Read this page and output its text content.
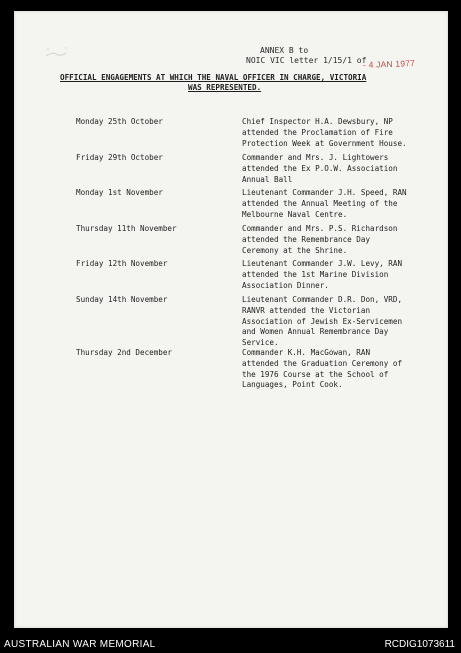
ANNEX B to
NOIC VIC letter 1/15/1 of
- 4 JAN 1977
OFFICIAL ENGAGEMENTS AT WHICH THE NAVAL OFFICER IN CHARGE, VICTORIA
WAS REPRESENTED.
Monday 25th October	Chief Inspector H.A. Dewsbury, NP
attended the Proclamation of Fire
Protection Week at Government House.
Friday 29th October	Commander and Mrs. J. Lightowers
attended the Ex P.O.W. Association
Annual Ball
Monday 1st November	Lieutenant Commander J.H. Speed, RAN
attended the Annual Meeting of the
Melbourne Naval Centre.
Thursday 11th November	Commander and Mrs. P.S. Richardson
attended the Remembrance Day
Ceremony at the Shrine.
Friday 12th November	Lieutenant Commander J.W. Levy, RAN
attended the 1st Marine Division
Association Dinner.
Sunday 14th November	Lieutenant Commander D.R. Don, VRD,
RANVR attended the Victorian
Association of Jewish Ex-Servicemen
and Women Annual Remembrance Day
Service.
Thursday 2nd December	Commander K.H. MacGowan, RAN
attended the Graduation Ceremony of
the 1976 Course at the School of
Languages, Point Cook.
AUSTRALIAN WAR MEMORIAL	RCDIG1073611
